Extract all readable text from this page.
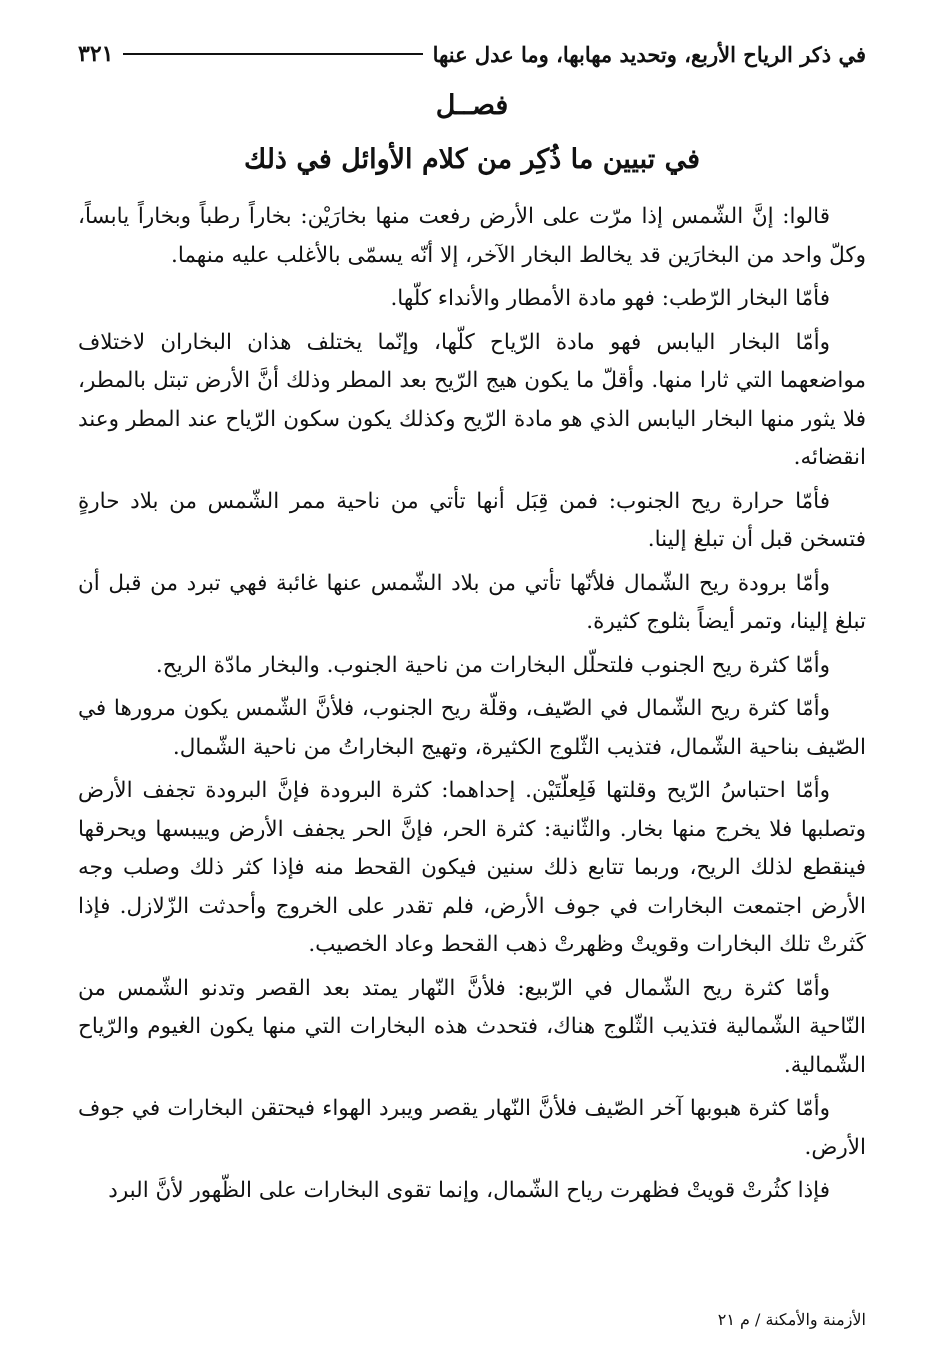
في ذكر الرياح الأربع، وتحديد مهابها، وما عدل عنها
٣٢١
فصــل
في تبيين ما ذُكِر من كلام الأوائل في ذلك

قالوا: إنَّ الشّمس إذا مرّت على الأرض رفعت منها بخارَيْن: بخاراً رطباً وبخاراً يابساً، وكلّ واحد من البخارَين قد يخالط البخار الآخر، إلا أنّه يسمّى بالأغلب عليه منهما.

فأمّا البخار الرّطب: فهو مادة الأمطار والأنداء كلّها.

وأمّا البخار اليابس فهو مادة الرّياح كلّها، وإنّما يختلف هذان البخاران لاختلاف مواضعهما التي ثارا منها. وأقلّ ما يكون هيج الرّيح بعد المطر وذلك أنَّ الأرض تبتل بالمطر، فلا يثور منها البخار اليابس الذي هو مادة الرّيح وكذلك يكون سكون الرّياح عند المطر وعند انقضائه.

فأمّا حرارة ريح الجنوب: فمن قِبَل أنها تأتي من ناحية ممر الشّمس من بلاد حارةٍ فتسخن قبل أن تبلغ إلينا.

وأمّا برودة ريح الشّمال فلأنّها تأتي من بلاد الشّمس عنها غائبة فهي تبرد من قبل أن تبلغ إلينا، وتمر أيضاً بثلوج كثيرة.

وأمّا كثرة ريح الجنوب فلتحلّل البخارات من ناحية الجنوب. والبخار مادّة الريح.

وأمّا كثرة ريح الشّمال في الصّيف، وقلّة ريح الجنوب، فلأنَّ الشّمس يكون مرورها في الصّيف بناحية الشّمال، فتذيب الثّلوج الكثيرة، وتهيج البخاراتُ من ناحية الشّمال.

وأمّا احتباسُ الرّيح وقلتها فَلِعلّتَيْن. إحداهما: كثرة البرودة فإنَّ البرودة تجفف الأرض وتصلبها فلا يخرج منها بخار. والثّانية: كثرة الحر، فإنَّ الحر يجفف الأرض وييبسها ويحرقها فينقطع لذلك الريح، وربما تتابع ذلك سنين فيكون القحط منه فإذا كثر ذلك وصلب وجه الأرض اجتمعت البخارات في جوف الأرض، فلم تقدر على الخروج وأحدثت الزّلازل. فإذا كَثرتْ تلك البخارات وقويتْ وظهرتْ ذهب القحط وعاد الخصيب.

وأمّا كثرة ريح الشّمال في الرّبيع: فلأنَّ النّهار يمتد بعد القصر وتدنو الشّمس من النّاحية الشّمالية فتذيب الثّلوج هناك، فتحدث هذه البخارات التي منها يكون الغيوم والرّياح الشّمالية.

وأمّا كثرة هبوبها آخر الصّيف فلأنَّ النّهار يقصر ويبرد الهواء فيحتقن البخارات في جوف الأرض.

فإذا كثُرتْ قويتْ فظهرت رياح الشّمال، وإنما تقوى البخارات على الظّهور لأنَّ البرد

الأزمنة والأمكنة / م ٢١
